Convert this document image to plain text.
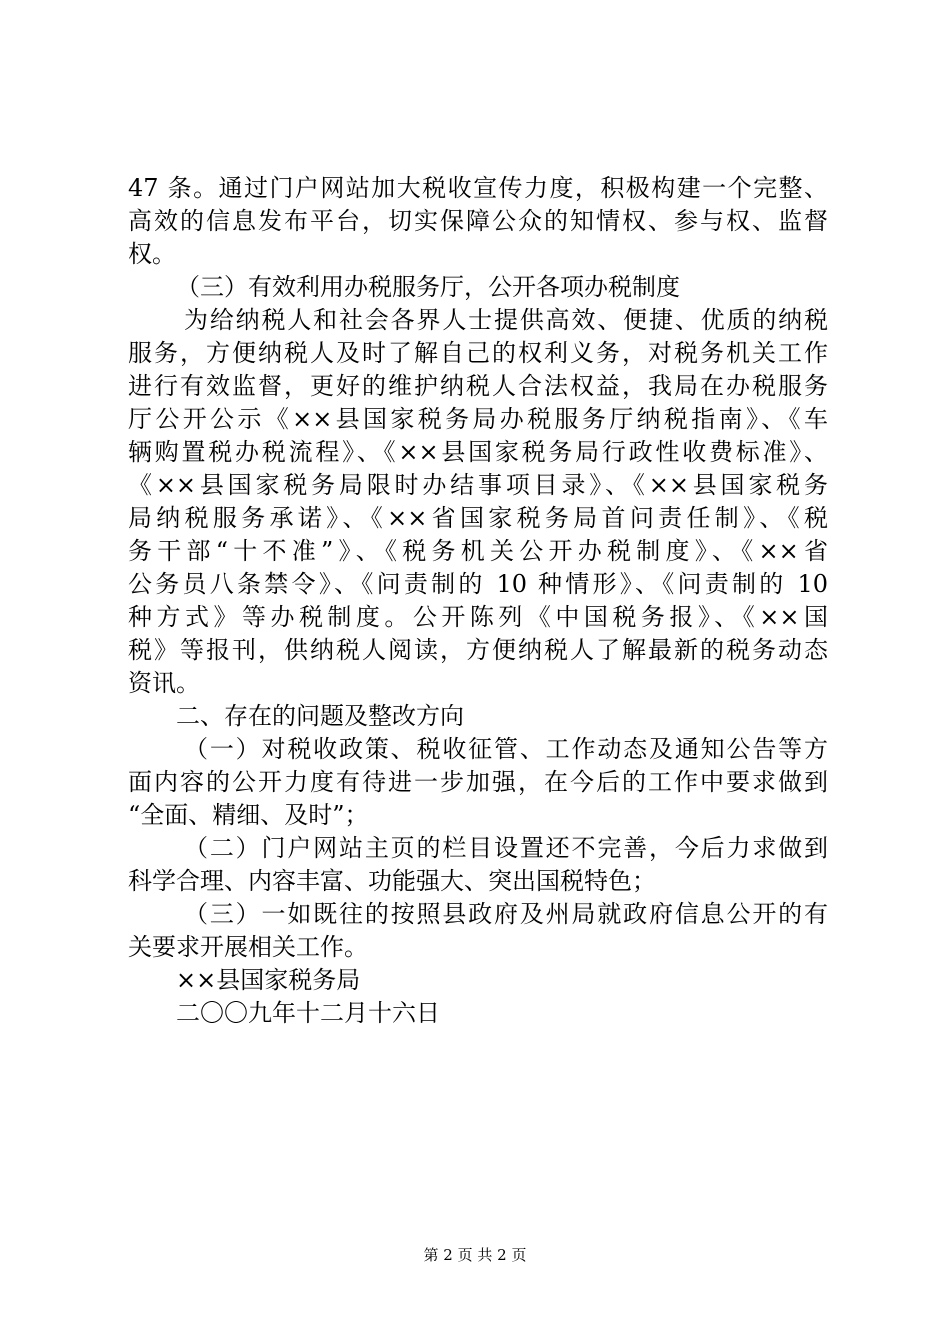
47 条。通过门户网站加大税收宣传力度，积极构建一个完整、
高效的信息发布平台，切实保障公众的知情权、参与权、监督
权。
（三）有效利用办税服务厅，公开各项办税制度
为给纳税人和社会各界人士提供高效、便捷、优质的纳税
服务，方便纳税人及时了解自己的权利义务，对税务机关工作
进行有效监督，更好的维护纳税人合法权益，我局在办税服务
厅公开公示《××县国家税务局办税服务厅纳税指南》、《车
辆购置税办税流程》、《××县国家税务局行政性收费标准》、
《××县国家税务局限时办结事项目录》、《××县国家税务
局纳税服务承诺》、《××省国家税务局首问责任制》、《税
务干部“十不准”》、《税务机关公开办税制度》、《××省
公务员八条禁令》、《问责制的 10 种情形》、《问责制的 10
种方式》等办税制度。公开陈列《中国税务报》、《××国
税》等报刊，供纳税人阅读，方便纳税人了解最新的税务动态
资讯。
二、存在的问题及整改方向
（一）对税收政策、税收征管、工作动态及通知公告等方
面内容的公开力度有待进一步加强，在今后的工作中要求做到
“全面、精细、及时”；
（二）门户网站主页的栏目设置还不完善，今后力求做到
科学合理、内容丰富、功能强大、突出国税特色；
（三）一如既往的按照县政府及州局就政府信息公开的有
关要求开展相关工作。
××县国家税务局
二〇〇九年十二月十六日
第 2 页 共 2 页
